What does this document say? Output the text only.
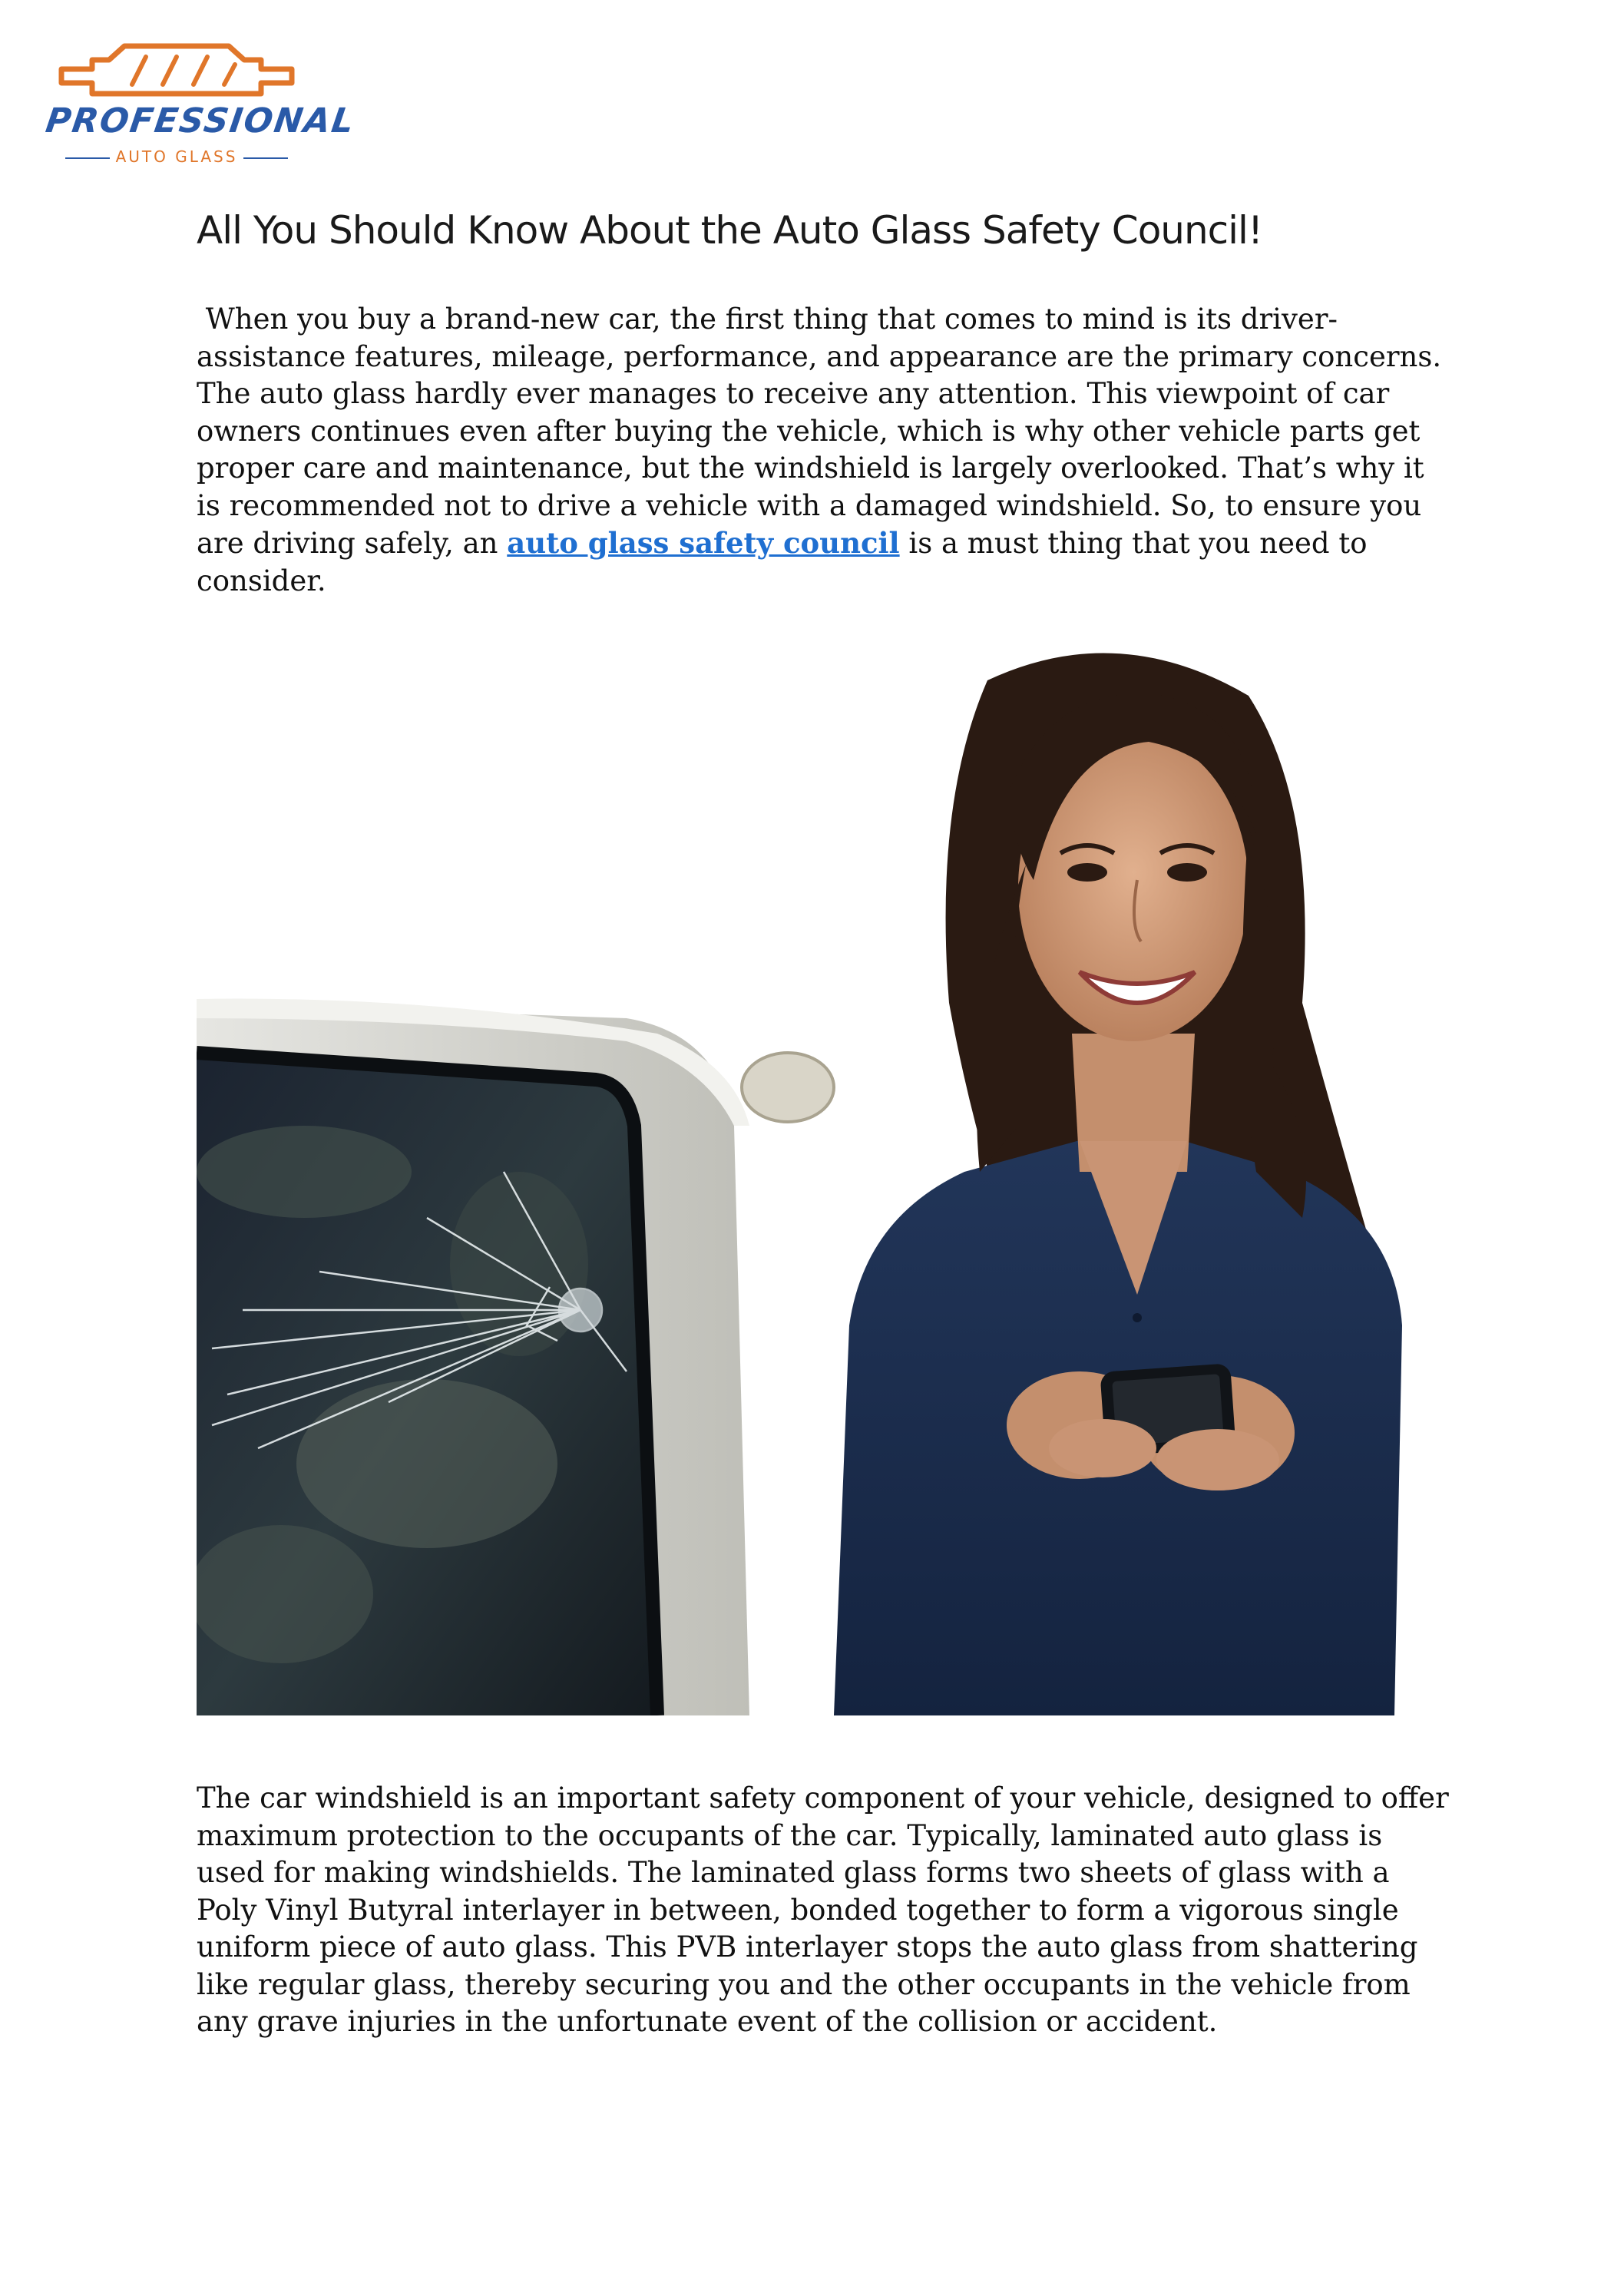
PROFESSIONAL
AUTO GLASS
All You Should Know About the Auto Glass Safety Council!

When you buy a brand-new car, the first thing that comes to mind is its driver-assistance features, mileage, performance, and appearance are the primary concerns. The auto glass hardly ever manages to receive any attention. This viewpoint of car owners continues even after buying the vehicle, which is why other vehicle parts get proper care and maintenance, but the windshield is largely overlooked. That’s why it is recommended not to drive a vehicle with a damaged windshield. So, to ensure you are driving safely, an auto glass safety council is a must thing that you need to consider.

The car windshield is an important safety component of your vehicle, designed to offer maximum protection to the occupants of the car. Typically, laminated auto glass is used for making windshields. The laminated glass forms two sheets of glass with a Poly Vinyl Butyral interlayer in between, bonded together to form a vigorous single uniform piece of auto glass. This PVB interlayer stops the auto glass from shattering like regular glass, thereby securing you and the other occupants in the vehicle from any grave injuries in the unfortunate event of the collision or accident.
